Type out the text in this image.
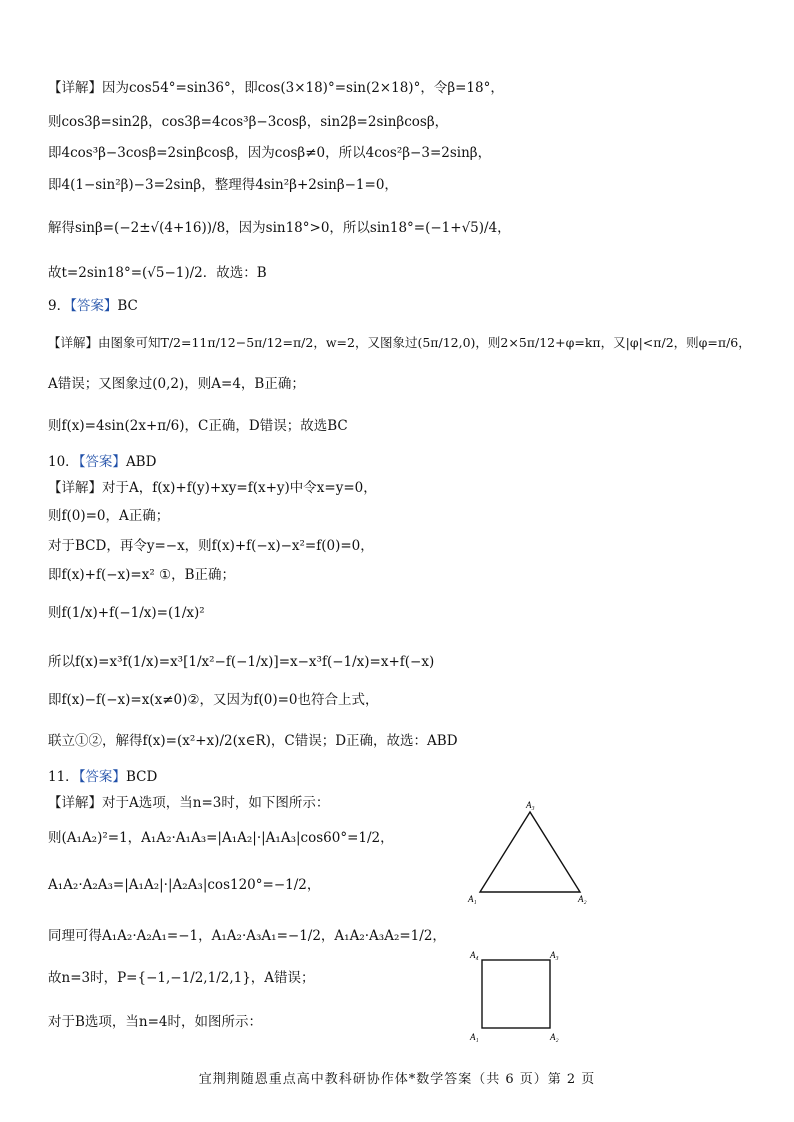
【详解】因为cos54°=sin36°，即cos(3×18)°=sin(2×18)°，令β=18°，
则cos3β=sin2β，cos3β=4cos³β−3cosβ，sin2β=2sinβcosβ，
即4cos³β−3cosβ=2sinβcosβ，因为cosβ≠0，所以4cos²β−3=2sinβ，
即4(1−sin²β)−3=2sinβ，整理得4sin²β+2sinβ−1=0，
解得sinβ=(−2±√(4+16))/8，因为sin18°>0，所以sin18°=(−1+√5)/4，
故t=2sin18°=(√5−1)/2．故选：B
9．【答案】BC
【详解】由图象可知T/2=11π/12−5π/12=π/2，w=2，又图象过(5π/12,0)，则2×5π/12+φ=kπ，又|φ|<π/2，则φ=π/6，
A错误；又图象过(0,2)，则A=4，B正确；
则f(x)=4sin(2x+π/6)，C正确，D错误；故选BC
10．【答案】ABD
【详解】对于A，f(x)+f(y)+xy=f(x+y)中令x=y=0，
则f(0)=0，A正确；
对于BCD，再令y=−x，则f(x)+f(−x)−x²=f(0)=0，
即f(x)+f(−x)=x² ①，B正确；
则f(1/x)+f(−1/x)=(1/x)²
所以f(x)=x³f(1/x)=x³[1/x²−f(−1/x)]=x−x³f(−1/x)=x+f(−x)
即f(x)−f(−x)=x(x≠0)②，又因为f(0)=0也符合上式，
联立①②，解得f(x)=(x²+x)/2(x∈R)，C错误；D正确，故选：ABD
11．【答案】BCD
【详解】对于A选项，当n=3时，如下图所示：
则(A₁A₂)²=1，A₁A₂·A₁A₃=|A₁A₂|·|A₁A₃|cos60°=1/2，
A₁A₂·A₂A₃=|A₁A₂|·|A₂A₃|cos120°=−1/2，
同理可得A₁A₂·A₂A₁=−1，A₁A₂·A₃A₁=−1/2，A₁A₂·A₃A₂=1/2，
故n=3时，P={−1,−1/2,1/2,1}，A错误；
对于B选项，当n=4时，如图所示：
A₃
A₁	A₂
A₄	A₃
A₁	A₂
宜荆荆随恩重点高中教科研协作体*数学答案（共 6 页）第 2 页
